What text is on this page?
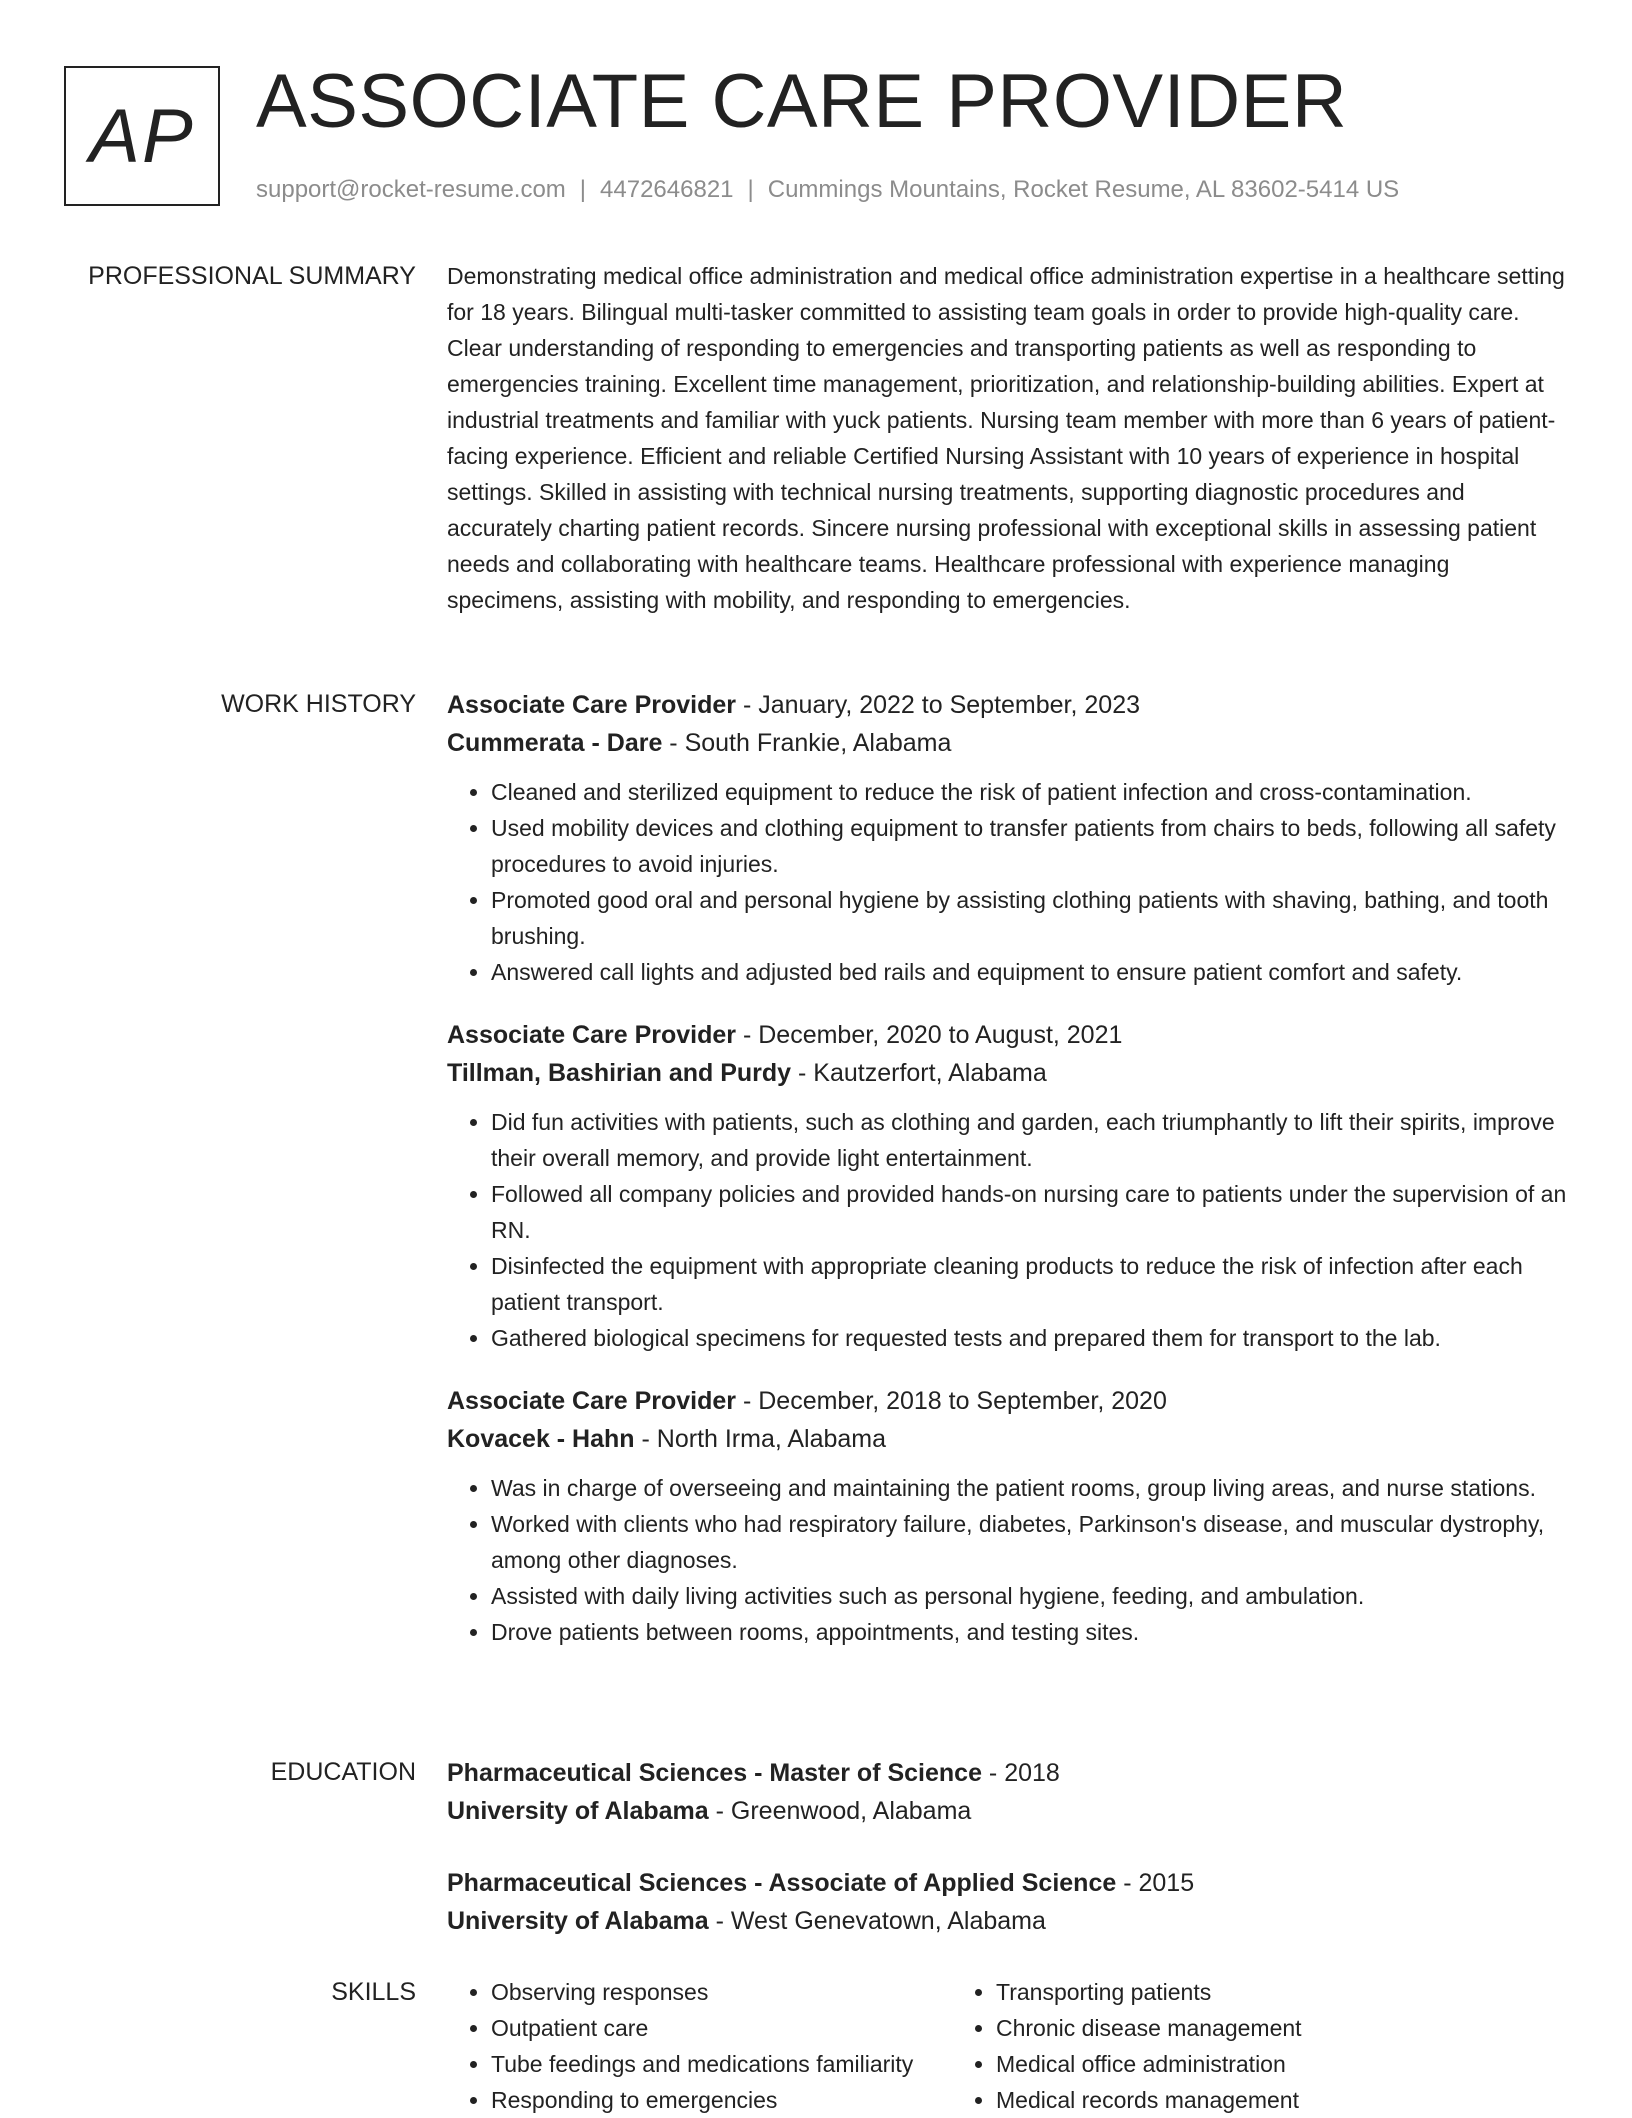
AP ASSOCIATE CARE PROVIDER
support@rocket-resume.com | 4472646821 | Cummings Mountains, Rocket Resume, AL 83602-5414 US
PROFESSIONAL SUMMARY Demonstrating medical office administration and medical office administration expertise in a healthcare setting for 18 years. Bilingual multi-tasker committed to assisting team goals in order to provide high-quality care. Clear understanding of responding to emergencies and transporting patients as well as responding to emergencies training. Excellent time management, prioritization, and relationship-building abilities. Expert at industrial treatments and familiar with yuck patients. Nursing team member with more than 6 years of patient-facing experience. Efficient and reliable Certified Nursing Assistant with 10 years of experience in hospital settings. Skilled in assisting with technical nursing treatments, supporting diagnostic procedures and accurately charting patient records. Sincere nursing professional with exceptional skills in assessing patient needs and collaborating with healthcare teams. Healthcare professional with experience managing specimens, assisting with mobility, and responding to emergencies.

WORK HISTORY Associate Care Provider - January, 2022 to September, 2023
Cummerata - Dare - South Frankie, Alabama
• Cleaned and sterilized equipment to reduce the risk of patient infection and cross-contamination.
• Used mobility devices and clothing equipment to transfer patients from chairs to beds, following all safety procedures to avoid injuries.
• Promoted good oral and personal hygiene by assisting clothing patients with shaving, bathing, and tooth brushing.
• Answered call lights and adjusted bed rails and equipment to ensure patient comfort and safety.
Associate Care Provider - December, 2020 to August, 2021
Tillman, Bashirian and Purdy - Kautzerfort, Alabama
• Did fun activities with patients, such as clothing and garden, each triumphantly to lift their spirits, improve their overall memory, and provide light entertainment.
• Followed all company policies and provided hands-on nursing care to patients under the supervision of an RN.
• Disinfected the equipment with appropriate cleaning products to reduce the risk of infection after each patient transport.
• Gathered biological specimens for requested tests and prepared them for transport to the lab.
Associate Care Provider - December, 2018 to September, 2020
Kovacek - Hahn - North Irma, Alabama
• Was in charge of overseeing and maintaining the patient rooms, group living areas, and nurse stations.
• Worked with clients who had respiratory failure, diabetes, Parkinson's disease, and muscular dystrophy, among other diagnoses.
• Assisted with daily living activities such as personal hygiene, feeding, and ambulation.
• Drove patients between rooms, appointments, and testing sites.
EDUCATION Pharmaceutical Sciences - Master of Science - 2018
University of Alabama - Greenwood, Alabama
Pharmaceutical Sciences - Associate of Applied Science - 2015
University of Alabama - West Genevatown, Alabama
SKILLS
•	Observing responses
• Outpatient care
• Tube feedings and medications familiarity
• Responding to emergencies
• Transporting patients
• Chronic disease management
• Medical office administration
• Medical records management
